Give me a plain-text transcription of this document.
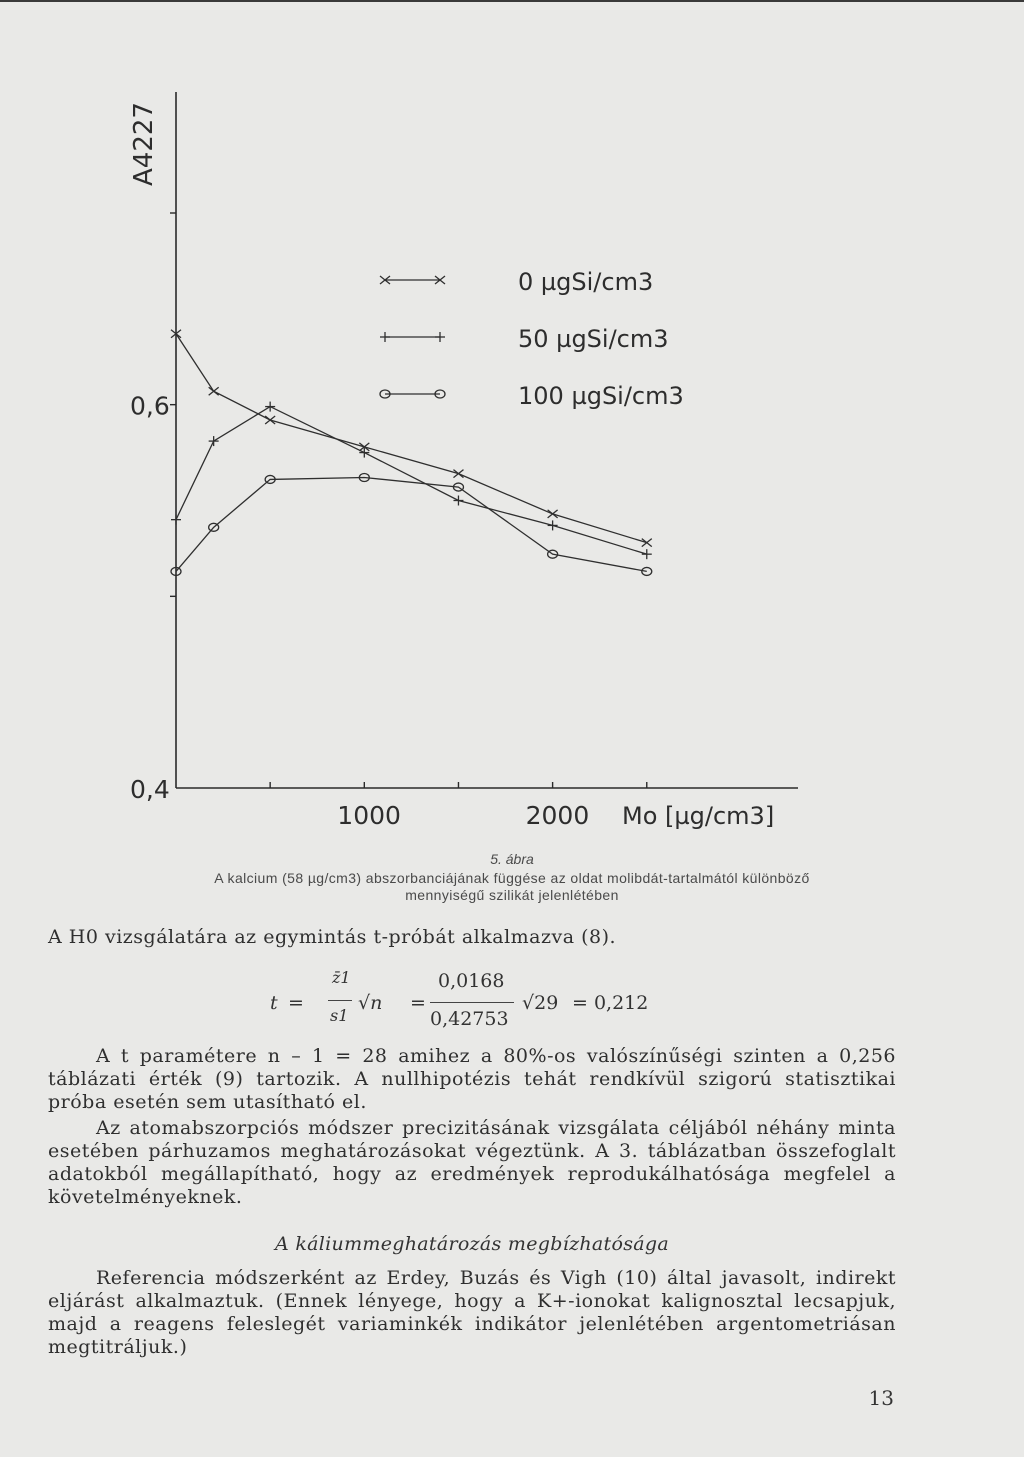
0,6
0,4
1000	2000
0 µgSi/cm3
50 µgSi/cm3
100 µgSi/cm3
A4227
Mo [µg/cm3]
5. ábra
A kalcium (58 µg/cm3) abszorbanciájának függése az oldat molibdát-tartalmától különböző
mennyiségű szilikát jelenlétében

A H0 vizsgálatára az egymintás t-próbát alkalmazva (8).

t =
z̄1
s1
√n =
0,0168
0,42753
√29 = 0,212

A t paramétere n – 1 = 28 amihez a 80%-os valószínűségi szinten a 0,256 táblázati érték (9) tartozik. A nullhipotézis tehát rendkívül szigorú statisztikai próba esetén sem utasítható el.

Az atomabszorpciós módszer precizitásának vizsgálata céljából néhány minta esetében párhuzamos meghatározásokat végeztünk. A 3. táblázatban összefoglalt adatokból megállapítható, hogy az eredmények reprodukálhatósága megfelel a követelményeknek.

A káliummeghatározás megbízhatósága

Referencia módszerként az Erdey, Buzás és Vigh (10) által javasolt, indirekt eljárást alkalmaztuk. (Ennek lényege, hogy a K+-ionokat kalignosztal lecsapjuk, majd a reagens feleslegét variaminkék indikátor jelenlétében argentometriásan megtitráljuk.)

13
